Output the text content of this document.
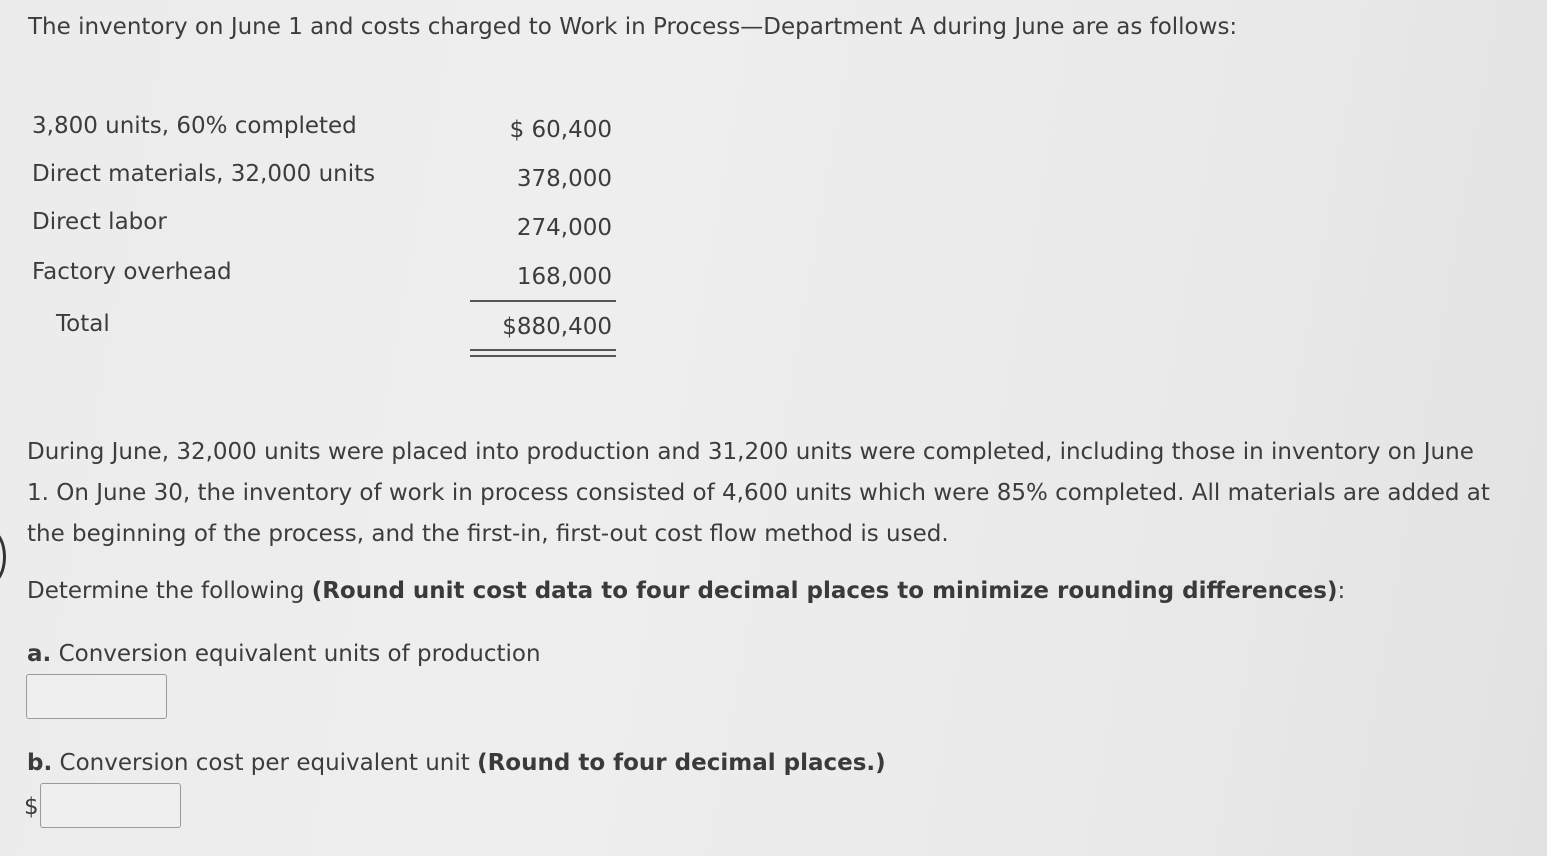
The inventory on June 1 and costs charged to Work in Process—Department A during June are as follows:
3,800 units, 60% completed	$ 60,400
Direct materials, 32,000 units	378,000
Direct labor	274,000
Factory overhead	168,000
Total	$880,400
During June, 32,000 units were placed into production and 31,200 units were completed, including those in inventory on June
1. On June 30, the inventory of work in process consisted of 4,600 units which were 85% completed. All materials are added at
the beginning of the process, and the first-in, first-out cost flow method is used.
Determine the following (Round unit cost data to four decimal places to minimize rounding differences):
a. Conversion equivalent units of production
b. Conversion cost per equivalent unit (Round to four decimal places.)
$
